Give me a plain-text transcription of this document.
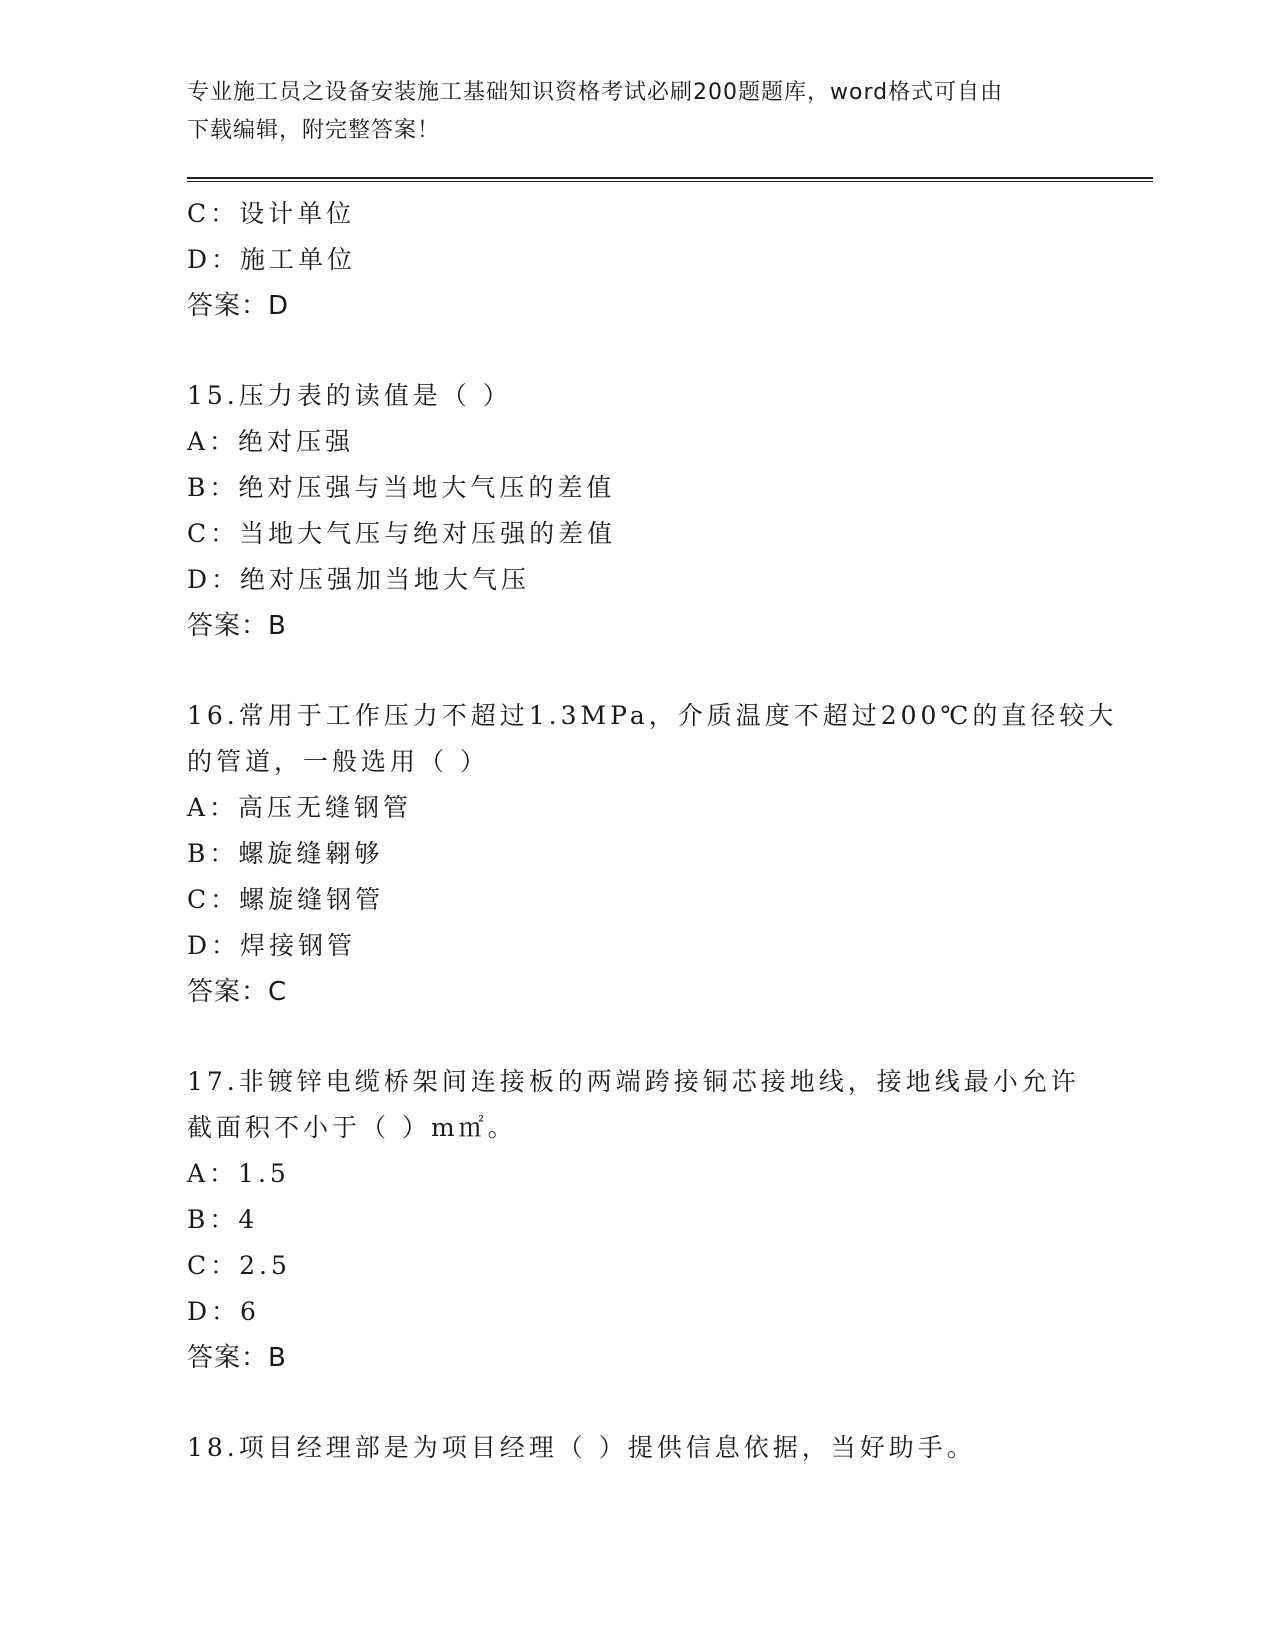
专业施工员之设备安装施工基础知识资格考试必刷200题题库，word格式可自由

下载编辑，附完整答案！

C：设计单位

D：施工单位

答案：D

15.压力表的读值是（ ）

A：绝对压强

B：绝对压强与当地大气压的差值

C：当地大气压与绝对压强的差值

D：绝对压强加当地大气压

答案：B

16.常用于工作压力不超过1.3MPa，介质温度不超过200℃的直径较大

的管道，一般选用（ ）

A：高压无缝钢管

B：螺旋缝翱够

C：螺旋缝钢管

D：焊接钢管

答案：C

17.非镀锌电缆桥架间连接板的两端跨接铜芯接地线，接地线最小允许

截面积不小于（ ）m㎡。

A：1.5

B：4

C：2.5

D：6

答案：B

18.项目经理部是为项目经理（ ）提供信息依据，当好助手。
